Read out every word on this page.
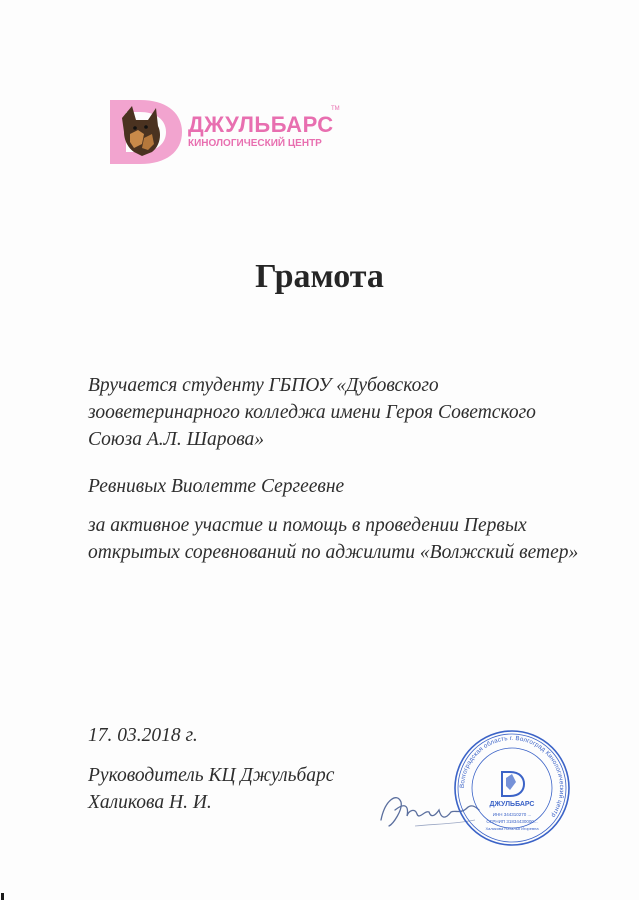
TM
ДЖУЛЬБАРС
КИНОЛОГИЧЕСКИЙ ЦЕНТР
Грамота
Вручается студенту ГБПОУ «Дубовского зооветеринарного колледжа имени Героя Советского Союза А.Л. Шарова»
Ревнивых Виолетте Сергеевне
за активное участие и помощь в проведении Первых открытых соревнований по аджилити «Волжский ветер»
17. 03.2018 г.
Руководитель КЦ Джульбарс
Халикова Н. И.
Волгоградская область г. Волгоград Кинологический центр
ДЖУЛЬБАРС
ИНН 344310270 ...
ОГРНИП 31834430000...
Халикова Наталья Игоревна
